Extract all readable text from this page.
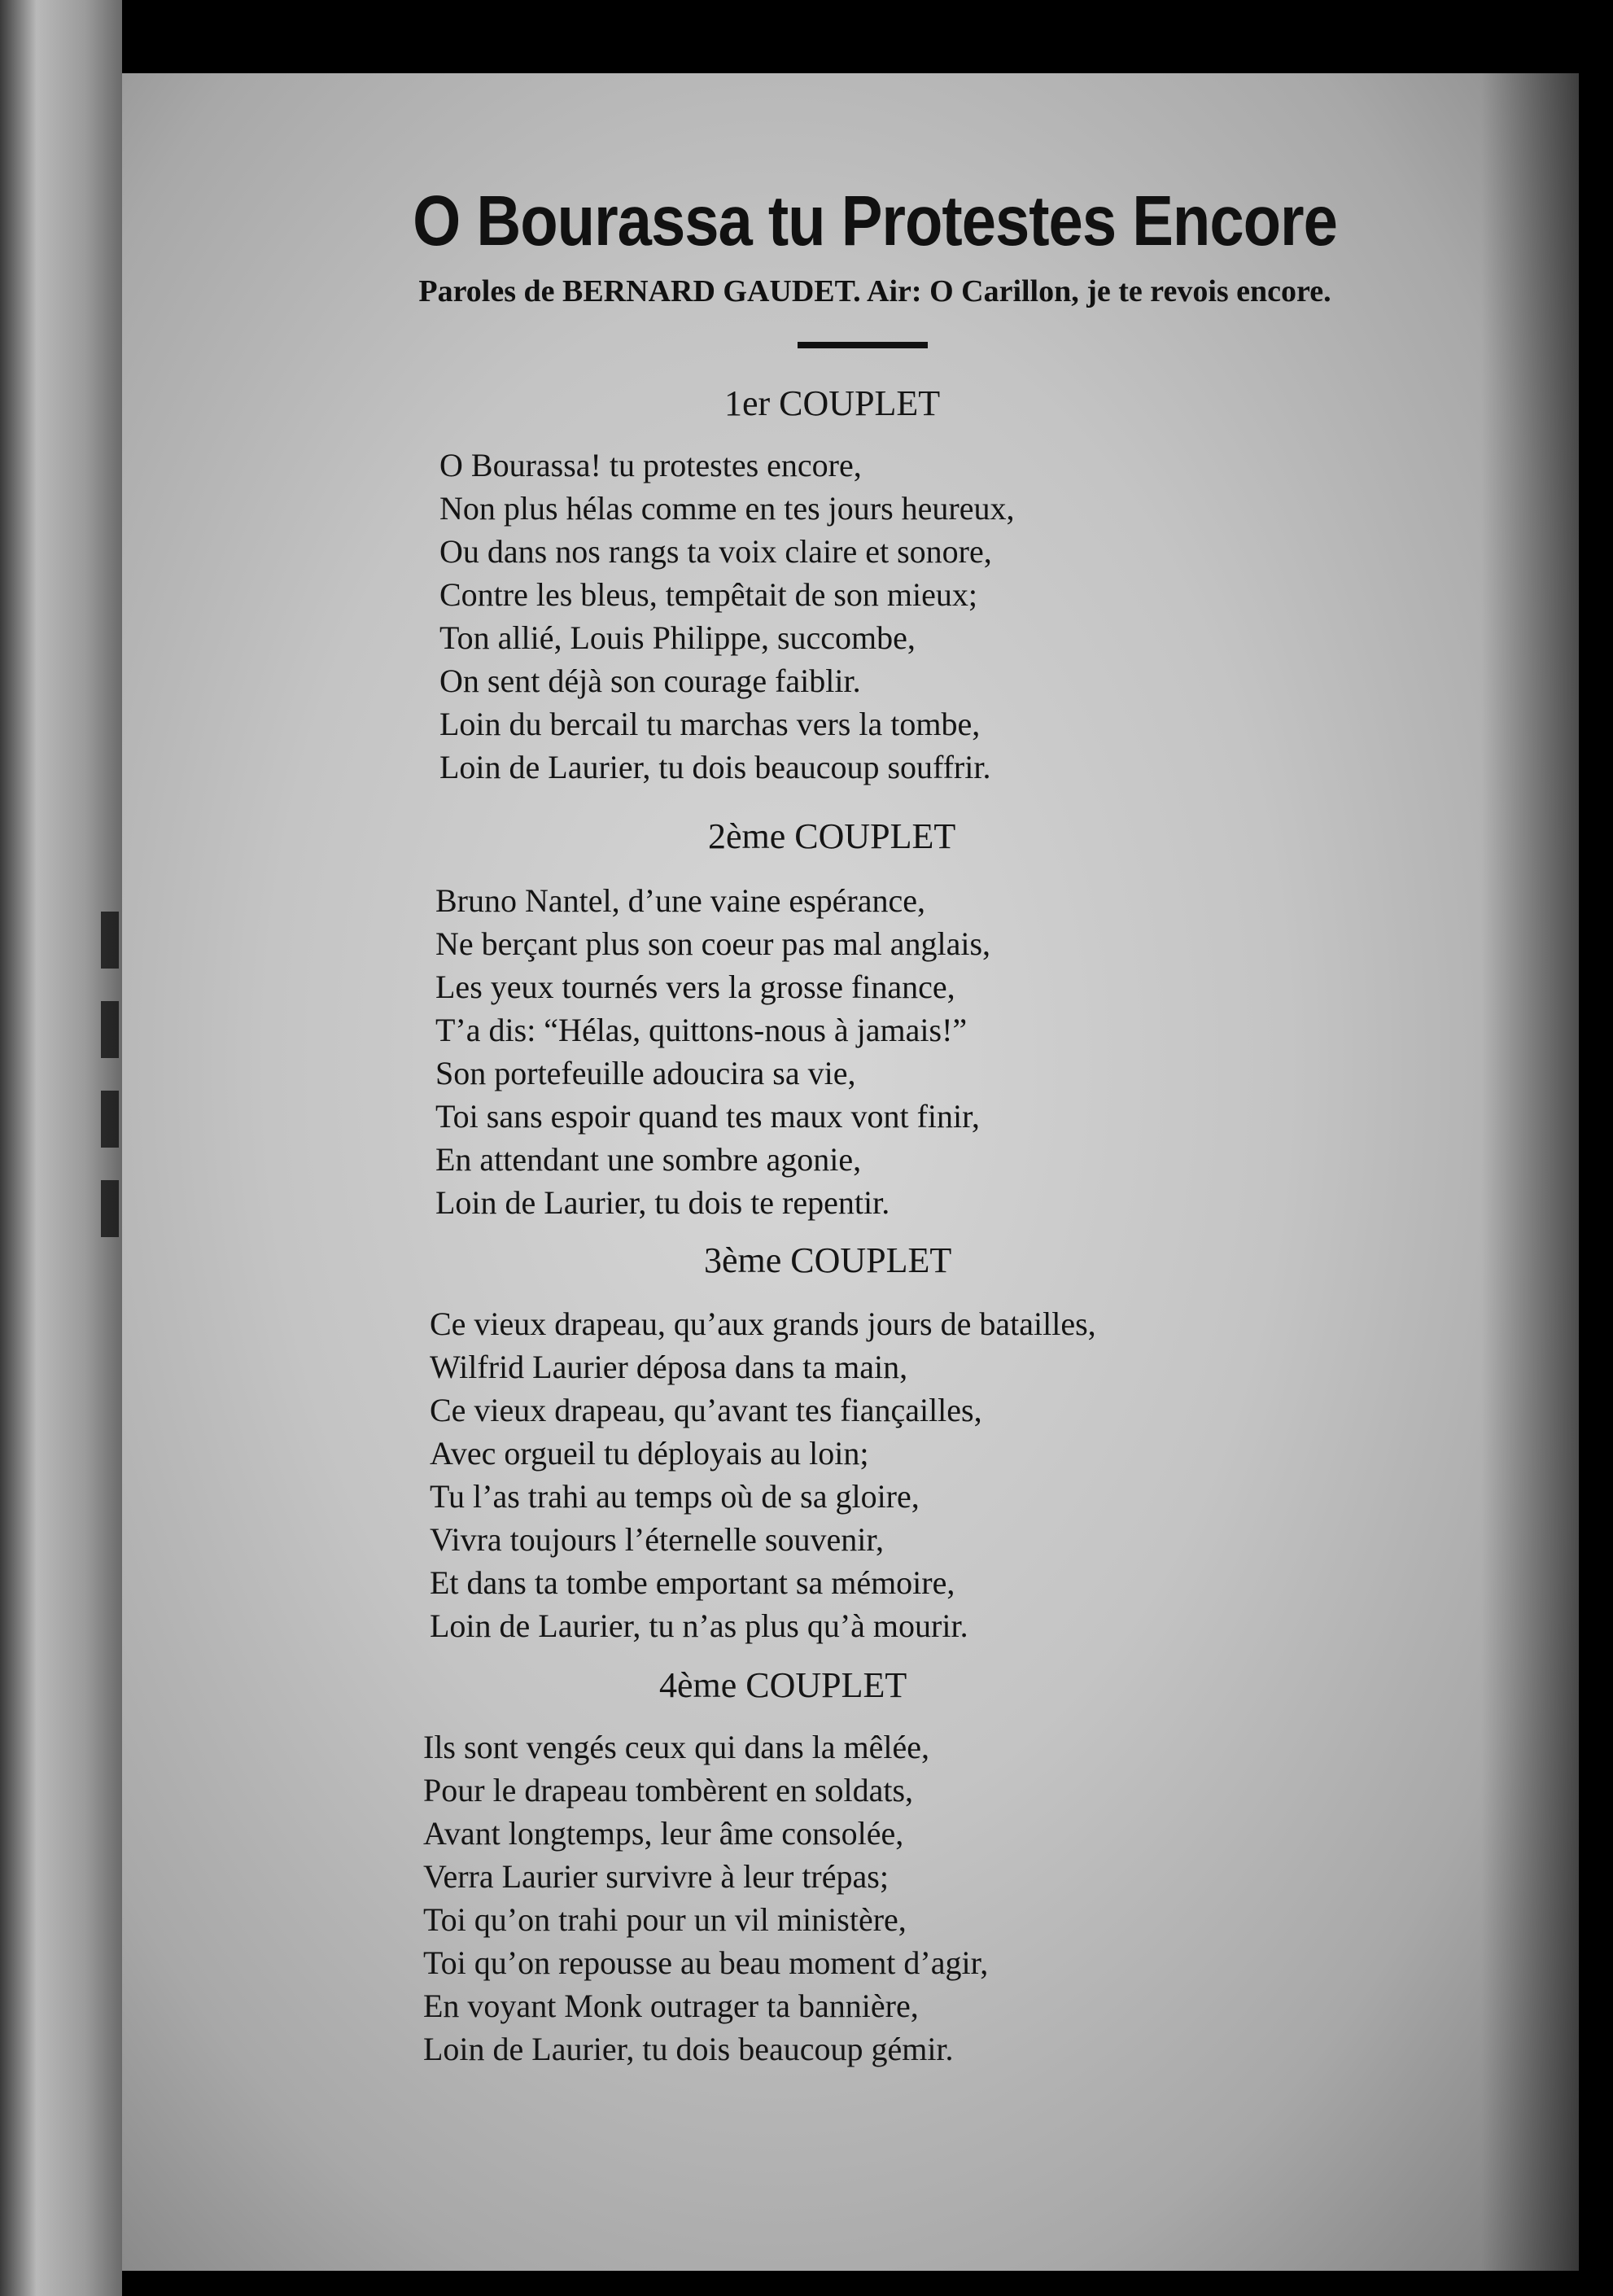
O Bourassa tu Protestes Encore

Paroles de BERNARD GAUDET. Air: O Carillon, je te revois encore.

1er COUPLET
O Bourassa! tu protestes encore,
Non plus hélas comme en tes jours heureux,
Ou dans nos rangs ta voix claire et sonore,
Contre les bleus, tempêtait de son mieux;
Ton allié, Louis Philippe, succombe,
On sent déjà son courage faiblir.
Loin du bercail tu marchas vers la tombe,
Loin de Laurier, tu dois beaucoup souffrir.
2ème COUPLET
Bruno Nantel, d’une vaine espérance,
Ne berçant plus son coeur pas mal anglais,
Les yeux tournés vers la grosse finance,
T’a dis: “Hélas, quittons-nous à jamais!”
Son portefeuille adoucira sa vie,
Toi sans espoir quand tes maux vont finir,
En attendant une sombre agonie,
Loin de Laurier, tu dois te repentir.
3ème COUPLET
Ce vieux drapeau, qu’aux grands jours de batailles,
Wilfrid Laurier déposa dans ta main,
Ce vieux drapeau, qu’avant tes fiançailles,
Avec orgueil tu déployais au loin;
Tu l’as trahi au temps où de sa gloire,
Vivra toujours l’éternelle souvenir,
Et dans ta tombe emportant sa mémoire,
Loin de Laurier, tu n’as plus qu’à mourir.
4ème COUPLET
Ils sont vengés ceux qui dans la mêlée,
Pour le drapeau tombèrent en soldats,
Avant longtemps, leur âme consolée,
Verra Laurier survivre à leur trépas;
Toi qu’on trahi pour un vil ministère,
Toi qu’on repousse au beau moment d’agir,
En voyant Monk outrager ta bannière,
Loin de Laurier, tu dois beaucoup gémir.
